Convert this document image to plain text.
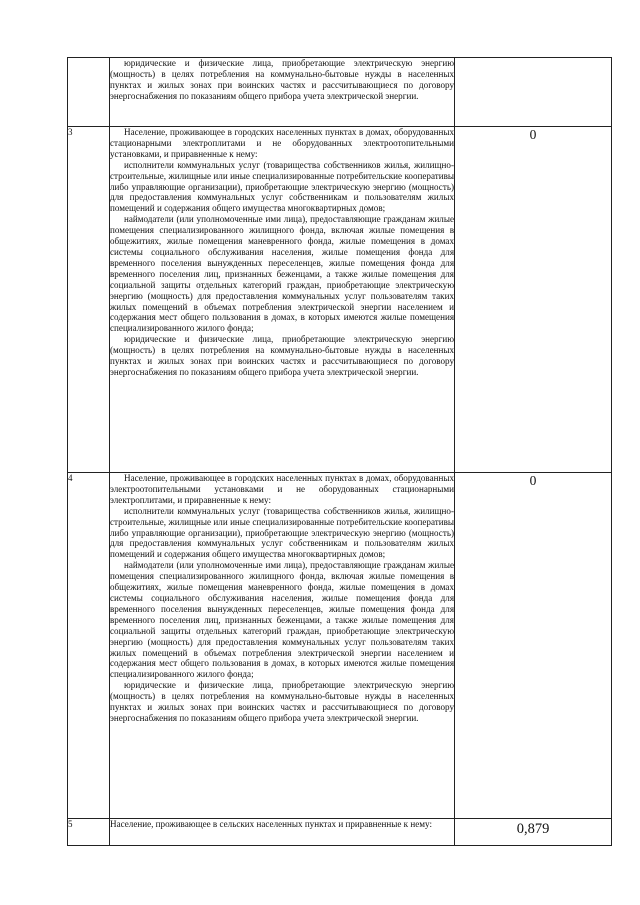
	юридические и физические лица, приобретающие электрическую энергию (мощность) в целях потребления на коммунально-бытовые нужды в населенных пунктах и жилых зонах при воинских частях и рассчитывающиеся по договору энергоснабжения по показаниям общего прибора учета электрической энергии.	

3	Население, проживающее в городских населенных пунктах в домах, оборудованных стационарными электроплитами и не оборудованных электроотопительными установками, и приравненные к нему:

исполнители коммунальных услуг (товарищества собственников жилья, жилищно-строительные, жилищные или иные специализированные потребительские кооперативы либо управляющие организации), приобретающие электрическую энергию (мощность) для предоставления коммунальных услуг собственникам и пользователям жилых помещений и содержания общего имущества многоквартирных домов;

наймодатели (или уполномоченные ими лица), предоставляющие гражданам жилые помещения специализированного жилищного фонда, включая жилые помещения в общежитиях, жилые помещения маневренного фонда, жилые помещения в домах системы социального обслуживания населения, жилые помещения фонда для временного поселения вынужденных переселенцев, жилые помещения фонда для временного поселения лиц, признанных беженцами, а также жилые помещения для социальной защиты отдельных категорий граждан, приобретающие электрическую энергию (мощность) для предоставления коммунальных услуг пользователям таких жилых помещений в объемах потребления электрической энергии населением и содержания мест общего пользования в домах, в которых имеются жилые помещения специализированного жилого фонда;

юридические и физические лица, приобретающие электрическую энергию (мощность) в целях потребления на коммунально-бытовые нужды в населенных пунктах и жилых зонах при воинских частях и рассчитывающиеся по договору энергоснабжения по показаниям общего прибора учета электрической энергии.	0
4	Население, проживающее в городских населенных пунктах в домах, оборудованных электроотопительными установками и не оборудованных стационарными электроплитами, и приравненные к нему:

исполнители коммунальных услуг (товарищества собственников жилья, жилищно-строительные, жилищные или иные специализированные потребительские кооперативы либо управляющие организации), приобретающие электрическую энергию (мощность) для предоставления коммунальных услуг собственникам и пользователям жилых помещений и содержания общего имущества многоквартирных домов;

наймодатели (или уполномоченные ими лица), предоставляющие гражданам жилые помещения специализированного жилищного фонда, включая жилые помещения в общежитиях, жилые помещения маневренного фонда, жилые помещения в домах системы социального обслуживания населения, жилые помещения фонда для временного поселения вынужденных переселенцев, жилые помещения фонда для временного поселения лиц, признанных беженцами, а также жилые помещения для социальной защиты отдельных категорий граждан, приобретающие электрическую энергию (мощность) для предоставления коммунальных услуг пользователям таких жилых помещений в объемах потребления электрической энергии населением и содержания мест общего пользования в домах, в которых имеются жилые помещения специализированного жилого фонда;

юридические и физические лица, приобретающие электрическую энергию (мощность) в целях потребления на коммунально-бытовые нужды в населенных пунктах и жилых зонах при воинских частях и рассчитывающиеся по договору энергоснабжения по показаниям общего прибора учета электрической энергии.	0
5	Население, проживающее в сельских населенных пунктах и приравненные к нему:	0,879
